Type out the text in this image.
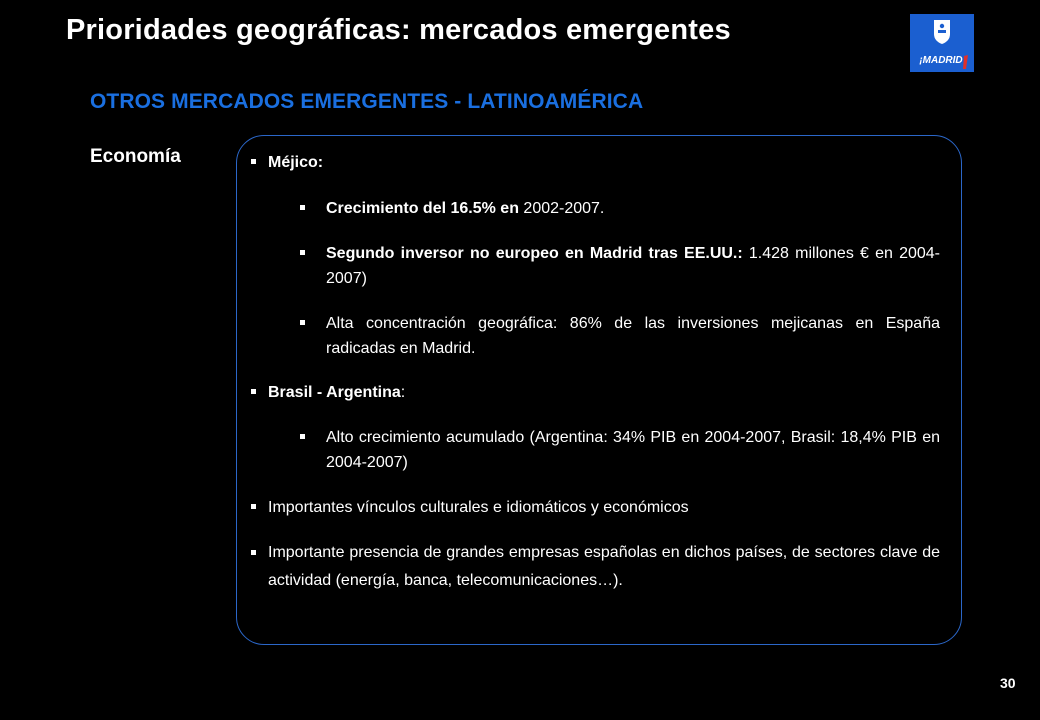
Prioridades geográficas: mercados emergentes
¡MADRID
OTROS MERCADOS EMERGENTES - LATINOAMÉRICA
Economía	Méjico:
Crecimiento del 16.5% en 2002-2007.
Segundo inversor no europeo en Madrid tras EE.UU.: 1.428 millones € en 2004-2007)
Alta concentración geográfica: 86% de las inversiones mejicanas en España radicadas en Madrid.
Brasil - Argentina:
Alto crecimiento acumulado (Argentina: 34% PIB en 2004-2007, Brasil: 18,4% PIB en 2004-2007)
Importantes vínculos culturales e idiomáticos y económicos
Importante presencia de grandes empresas españolas en dichos países, de sectores clave de actividad (energía, banca, telecomunicaciones…).
30
